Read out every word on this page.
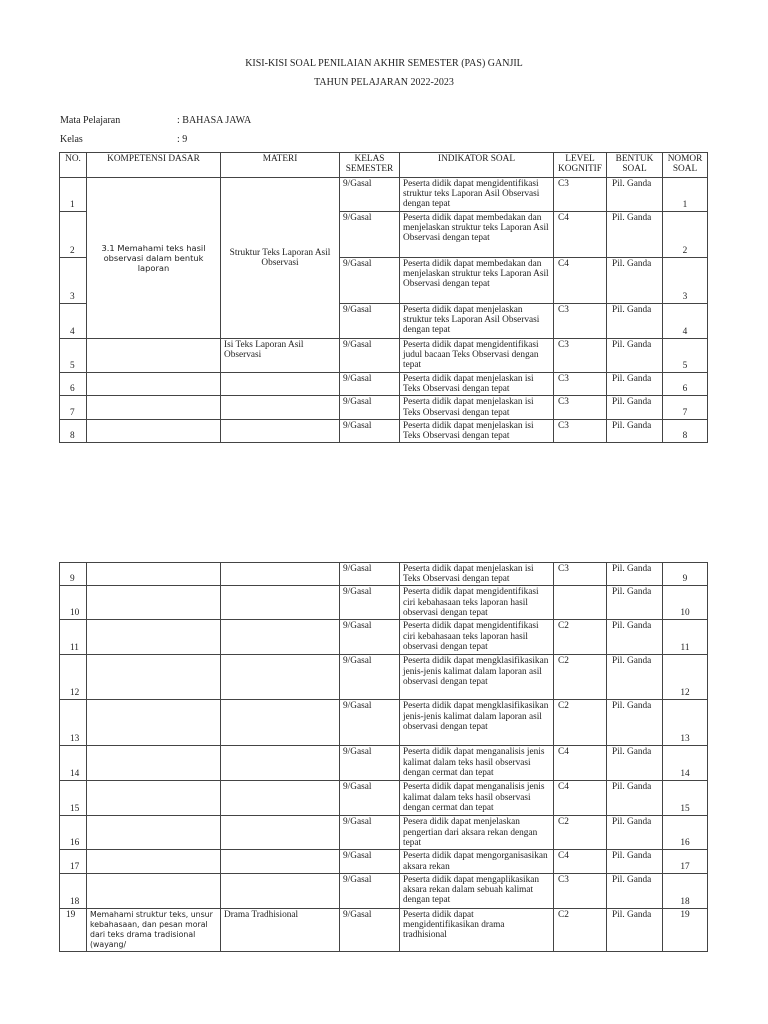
KISI-KISI SOAL PENILAIAN AKHIR SEMESTER (PAS) GANJIL
TAHUN PELAJARAN 2022-2023
Mata Pelajaran	: BAHASA JAWA
Kelas	: 9
NO.	KOMPETENSI DASAR	MATERI	KELAS SEMESTER	INDIKATOR SOAL	LEVEL KOGNITIF	BENTUK SOAL	NOMOR SOAL
1	3.1 Memahami teks hasil observasi dalam bentuk laporan	Struktur Teks Laporan Asil Observasi	9/Gasal	Peserta didik dapat mengidentifikasi struktur teks Laporan Asil Observasi dengan tepat	C3	Pil. Ganda	1
2			9/Gasal	Peserta didik dapat membedakan dan menjelaskan struktur teks Laporan Asil Observasi dengan tepat	C4	Pil. Ganda	2
3			9/Gasal	Peserta didik dapat membedakan dan menjelaskan struktur teks Laporan Asil Observasi dengan tepat	C4	Pil. Ganda	3
4			9/Gasal	Peserta didik dapat menjelaskan struktur teks Laporan Asil Observasi dengan tepat	C3	Pil. Ganda	4
5		Isi Teks Laporan Asil Observasi	9/Gasal	Peserta didik dapat mengidentifikasi judul bacaan Teks Observasi dengan tepat	C3	Pil. Ganda	5
6			9/Gasal	Peserta didik dapat menjelaskan isi Teks Observasi dengan tepat	C3	Pil. Ganda	6
7			9/Gasal	Peserta didik dapat menjelaskan isi Teks Observasi dengan tepat	C3	Pil. Ganda	7
8			9/Gasal	Peserta didik dapat menjelaskan isi Teks Observasi dengan tepat	C3	Pil. Ganda	8
9			9/Gasal	Peserta didik dapat menjelaskan isi Teks Observasi dengan tepat	C3	Pil. Ganda	9
10			9/Gasal	Peserta didik dapat mengidentifikasi ciri kebahasaan teks laporan hasil observasi dengan tepat		Pil. Ganda	10
11			9/Gasal	Peserta didik dapat mengidentifikasi ciri kebahasaan teks laporan hasil observasi dengan tepat	C2	Pil. Ganda	11
12			9/Gasal	Peserta didik dapat mengklasifikasikan jenis-jenis kalimat dalam laporan asil observasi dengan tepat	C2	Pil. Ganda	12
13			9/Gasal	Peserta didik dapat mengklasifikasikan jenis-jenis kalimat dalam laporan asil observasi dengan tepat	C2	Pil. Ganda	13
14			9/Gasal	Peserta didik dapat menganalisis jenis kalimat dalam teks hasil observasi dengan cermat dan tepat	C4	Pil. Ganda	14
15			9/Gasal	Peserta didik dapat menganalisis jenis kalimat dalam teks hasil observasi dengan cermat dan tepat	C4	Pil. Ganda	15
16			9/Gasal	Pesera didik dapat menjelaskan pengertian dari aksara rekan dengan tepat	C2	Pil. Ganda	16
17			9/Gasal	Peserta didik dapat mengorganisasikan aksara rekan	C4	Pil. Ganda	17
18			9/Gasal	Peserta didik dapat mengaplikasikan aksara rekan dalam sebuah kalimat dengan tepat	C3	Pil. Ganda	18
19	Memahami struktur teks, unsur kebahasaan, dan pesan moral dari teks drama tradisional (wayang/	Drama Tradhisional	9/Gasal	Peserta didik dapat mengidentifikasikan drama tradhisional	C2	Pil. Ganda	19
